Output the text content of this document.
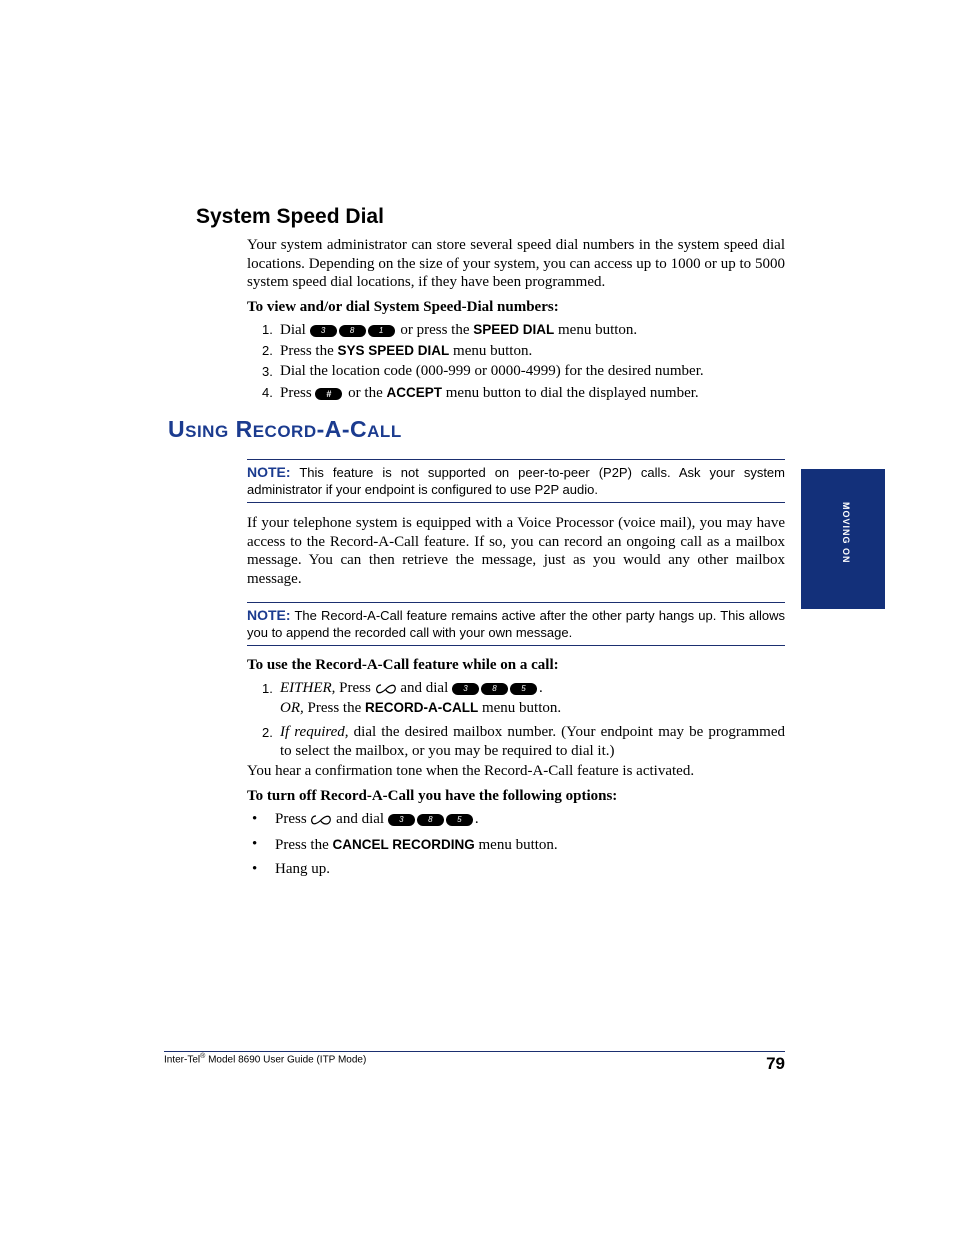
System Speed Dial
Your system administrator can store several speed dial numbers in the system speed dial locations. Depending on the size of your system, you can access up to 1000 or up to 5000 system speed dial locations, if they have been programmed.
To view and/or dial System Speed-Dial numbers:
1. Dial 3	8	1 or press the SPEED DIAL menu button.
2. Press the SYS SPEED DIAL menu button.
3. Dial the location code (000-999 or 0000-4999) for the desired number.
4. Press # or the ACCEPT menu button to dial the displayed number.
USING RECORD-A-CALL
NOTE: This feature is not supported on peer-to-peer (P2P) calls. Ask your system administrator if your endpoint is configured to use P2P audio.
If your telephone system is equipped with a Voice Processor (voice mail), you may have access to the Record-A-Call feature. If so, you can record an ongoing call as a mailbox message. You can then retrieve the message, just as you would any other mailbox message.
NOTE: The Record-A-Call feature remains active after the other party hangs up. This allows you to append the recorded call with your own message.
To use the Record-A-Call feature while on a call:
1. EITHER, Press and dial 3	8	5 .
OR, Press the RECORD-A-CALL menu button.
2. If required, dial the desired mailbox number. (Your endpoint may be programmed to select the mailbox, or you may be required to dial it.)
You hear a confirmation tone when the Record-A-Call feature is activated.
To turn off Record-A-Call you have the following options:
• Press and dial 3	8	5 .
• Press the CANCEL RECORDING menu button.
• Hang up.
MOVING ON
Inter-Tel® Model 8690 User Guide (ITP Mode)	79
